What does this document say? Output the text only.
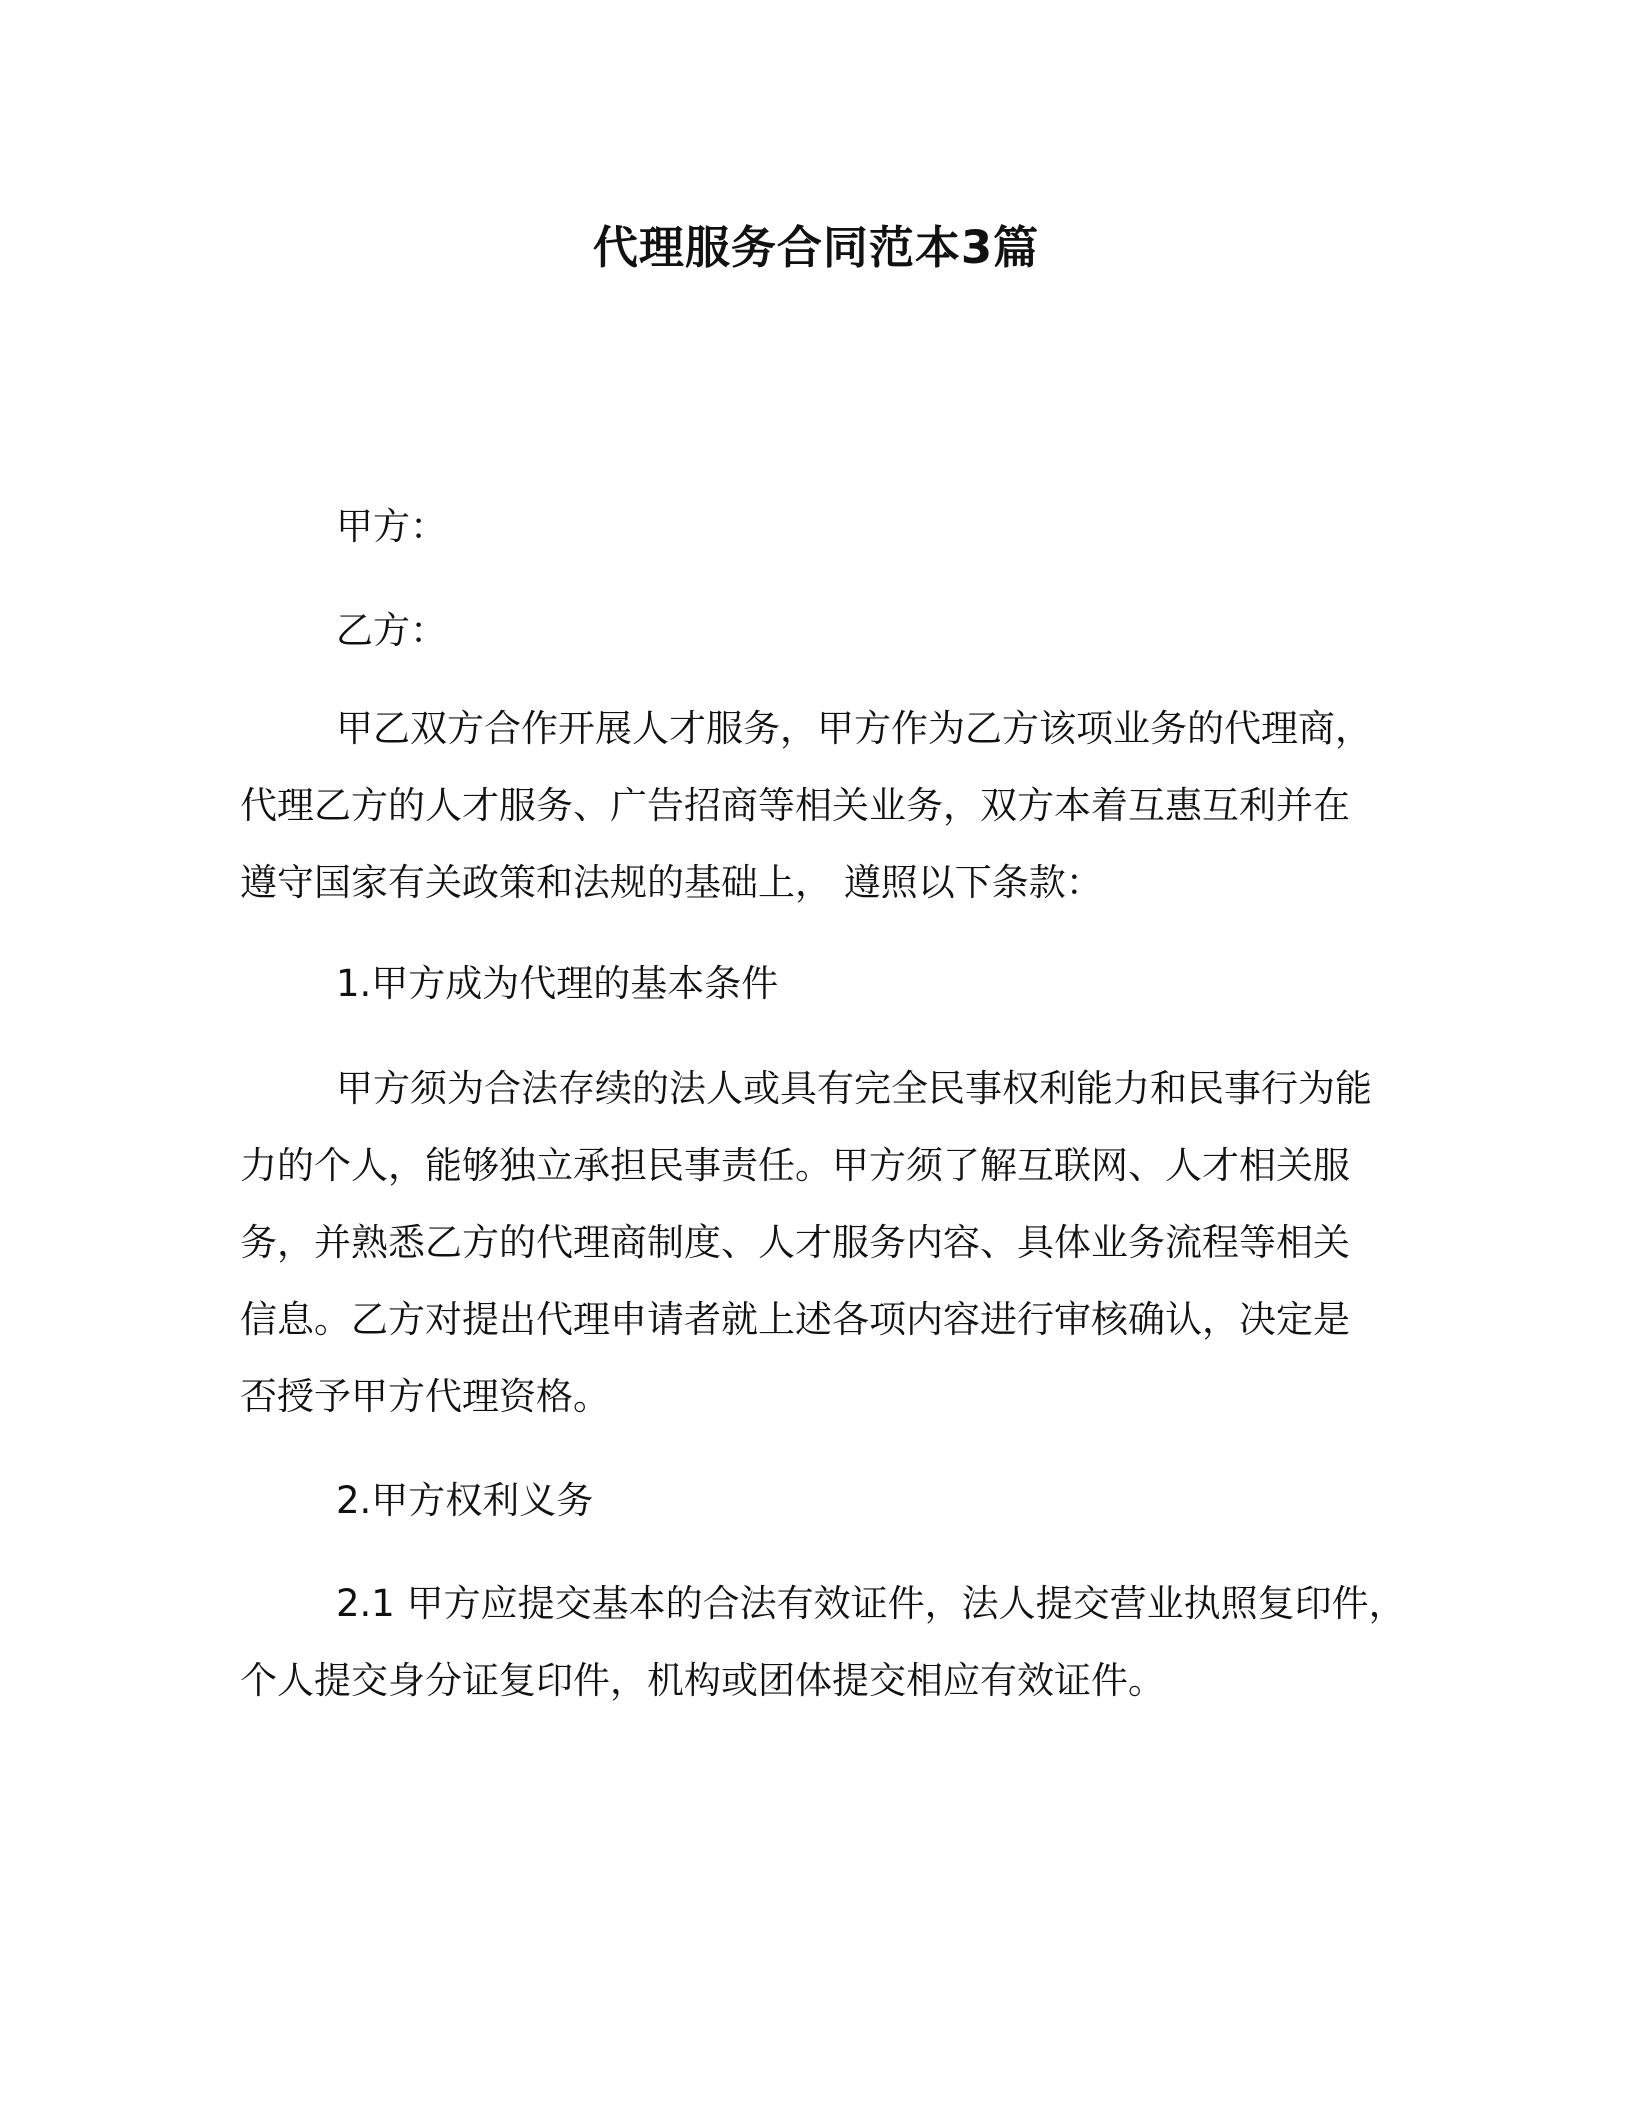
代理服务合同范本3篇

甲方：

乙方：

甲乙双方合作开展人才服务，甲方作为乙方该项业务的代理商，
代理乙方的人才服务、广告招商等相关业务，双方本着互惠互利并在
遵守国家有关政策和法规的基础上， 遵照以下条款：

1.甲方成为代理的基本条件

甲方须为合法存续的法人或具有完全民事权利能力和民事行为能
力的个人，能够独立承担民事责任。甲方须了解互联网、人才相关服
务，并熟悉乙方的代理商制度、人才服务内容、具体业务流程等相关
信息。乙方对提出代理申请者就上述各项内容进行审核确认，决定是
否授予甲方代理资格。

2.甲方权利义务

2.1 甲方应提交基本的合法有效证件，法人提交营业执照复印件，
个人提交身分证复印件，机构或团体提交相应有效证件。
